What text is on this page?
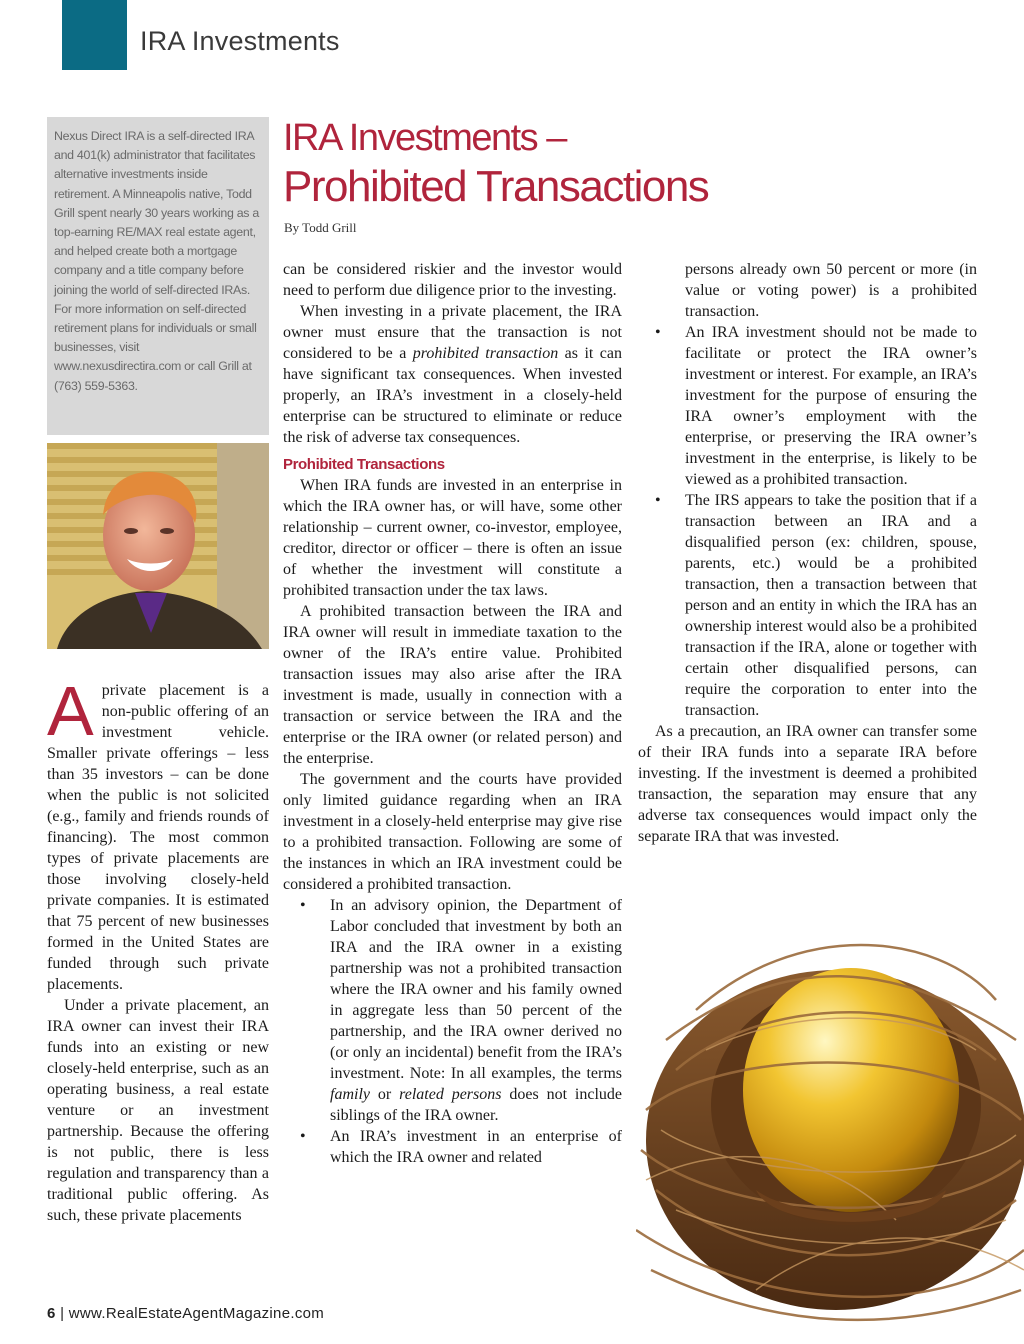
IRA Investments
Nexus Direct IRA is a self-directed IRA and 401(k) administrator that facilitates alternative investments inside retirement. A Minneapolis native, Todd Grill spent nearly 30 years working as a top-earning RE/MAX real estate agent, and helped create both a mortgage company and a title company before joining the world of self-directed IRAs. For more information on self-directed retirement plans for individuals or small businesses, visit www.nexusdirectira.com or call Grill at (763) 559-5363.
IRA Investments –
Prohibited Transactions
By Todd Grill

Aprivate placement is a non-public offering of an investment vehicle. Smaller private offerings – less than 35 investors – can be done when the public is not solicited (e.g., family and friends rounds of financing). The most common types of private placements are those involving closely-held private companies. It is estimated that 75 percent of new businesses formed in the United States are funded through such private placements.

Under a private placement, an IRA owner can invest their IRA funds into an existing or new closely-held enterprise, such as an operating business, a real estate venture or an investment partnership. Because the offering is not public, there is less regulation and transparency than a traditional public offering. As such, these private placements

can be considered riskier and the investor would need to perform due diligence prior to the investing.

When investing in a private placement, the IRA owner must ensure that the transaction is not considered to be a prohibited transaction as it can have significant tax consequences. When invested properly, an IRA’s investment in a closely-held enterprise can be structured to eliminate or reduce the risk of adverse tax consequences.

Prohibited Transactions

When IRA funds are invested in an enterprise in which the IRA owner has, or will have, some other relationship – current owner, co-investor, employee, creditor, director or officer – there is often an issue of whether the investment will constitute a prohibited transaction under the tax laws.

A prohibited transaction between the IRA and IRA owner will result in immediate taxation to the owner of the IRA’s entire value. Prohibited transaction issues may also arise after the IRA investment is made, usually in connection with a transaction or service between the IRA and the enterprise or the IRA owner (or related person) and the enterprise.

The government and the courts have provided only limited guidance regarding when an IRA investment in a closely-held enterprise may give rise to a prohibited transaction. Following are some of the instances in which an IRA investment could be considered a prohibited transaction.

• In an advisory opinion, the Department of Labor concluded that investment by both an IRA and the IRA owner in a existing partnership was not a prohibited transaction where the IRA owner and his family owned in aggregate less than 50 percent of the partnership, and the IRA owner derived no (or only an incidental) benefit from the IRA’s investment. Note: In all examples, the terms family or related persons does not include siblings of the IRA owner.
• An IRA’s investment in an enterprise of which the IRA owner and related
persons already own 50 percent or more (in value or voting power) is a prohibited transaction.
• An IRA investment should not be made to facilitate or protect the IRA owner’s investment or interest. For example, an IRA’s investment for the purpose of ensuring the IRA owner’s employment with the enterprise, or preserving the IRA owner’s investment in the enterprise, is likely to be viewed as a prohibited transaction.
• The IRS appears to take the position that if a transaction between an IRA and a disqualified person (ex: children, spouse, parents, etc.) would be a prohibited transaction, then a transaction between that person and an entity in which the IRA has an ownership interest would also be a prohibited transaction if the IRA, alone or together with certain other disqualified persons, can require the corporation to enter into the transaction.

As a precaution, an IRA owner can transfer some of their IRA funds into a separate IRA before investing. If the investment is deemed a prohibited transaction, the separation may ensure that any adverse tax consequences would impact only the separate IRA that was invested.

6 | www.RealEstateAgentMagazine.com
